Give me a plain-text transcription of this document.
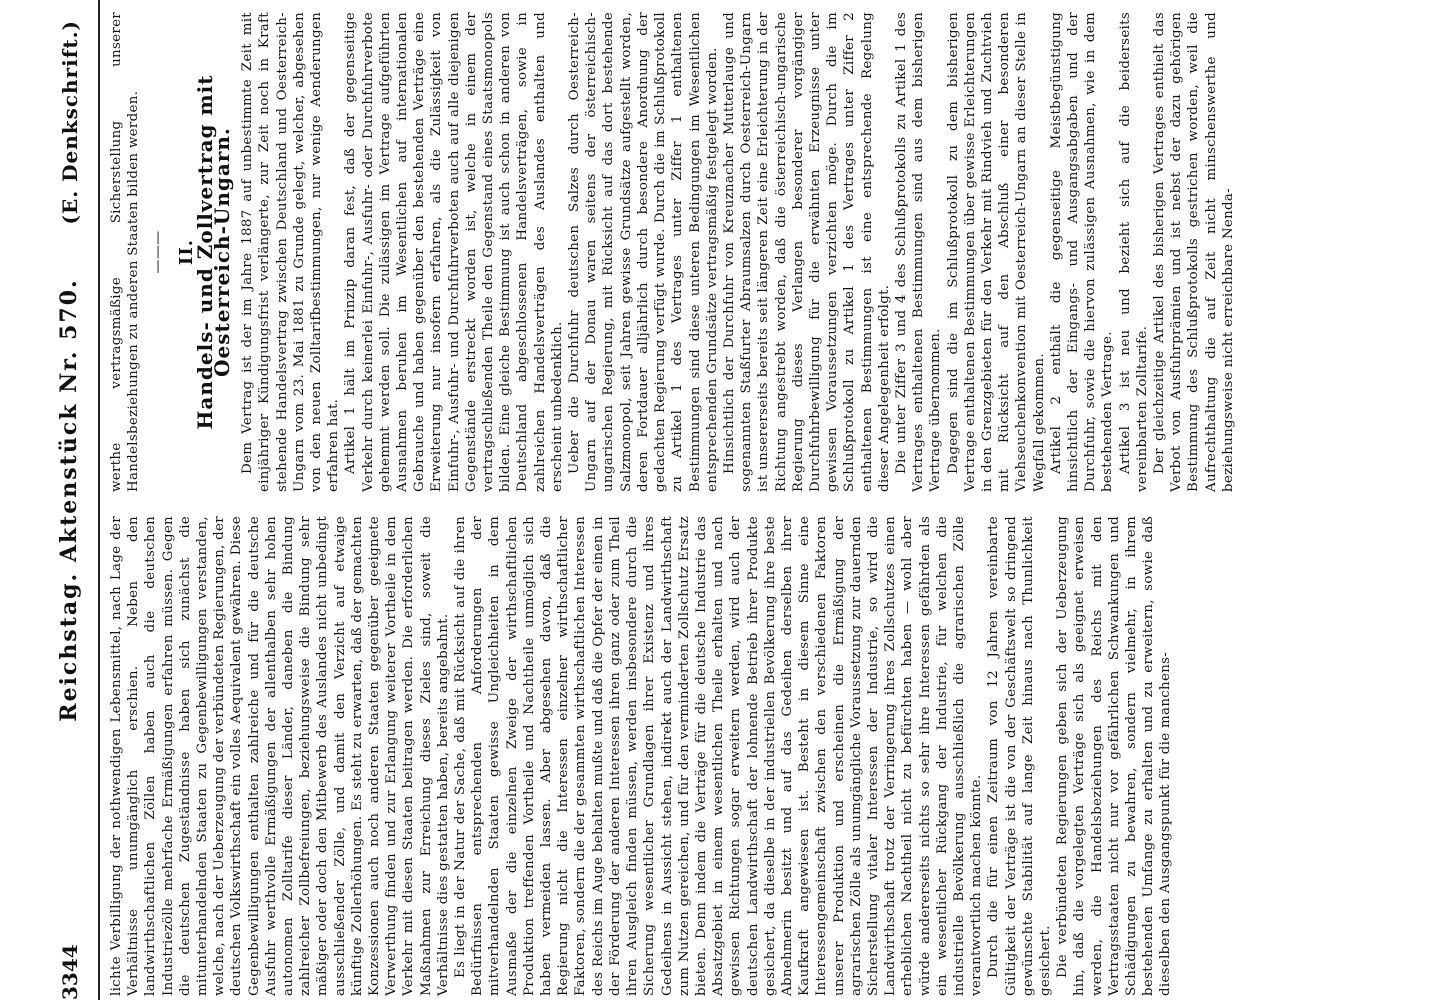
3344
Reichstag. Aktenstück Nr. 570.
(E. Denkschrift.)

lichte Verbilligung der nothwendigen Lebensmittel, nach Lage der Verhältnisse unumgänglich erschien. Neben den landwirthschaftlichen Zöllen haben auch die deutschen Industriezölle mehrfache Ermäßigungen erfahren müssen. Gegen die deutschen Zugeständnisse haben sich zunächst die mitunterhandelnden Staaten zu Gegenbewilligungen verstanden, welche, nach der Ueberzeugung der verbündeten Regierungen, der deutschen Volkswirthschaft ein volles Aequivalent gewähren. Diese Gegenbewilligungen enthalten zahlreiche und für die deutsche Ausfuhr werthvolle Ermäßigungen der allenthalben sehr hohen autonomen Zolltarife dieser Länder, daneben die Bindung zahlreicher Zollbefreiungen, beziehungsweise die Bindung sehr mäßiger oder doch den Mitbewerb des Auslandes nicht unbedingt ausschließender Zölle, und damit den Verzicht auf etwaige künftige Zollerhöhungen. Es steht zu erwarten, daß der gemachten Konzessionen auch noch anderen Staaten gegenüber geeignete Verwerthung finden und zur Erlangung weiterer Vortheile in dem Verkehr mit diesen Staaten beitragen werden. Die erforderlichen Maßnahmen zur Erreichung dieses Zieles sind, soweit die Verhältnisse dies gestatten haben, bereits angebahnt. Es liegt in der Natur der Sache, daß mit Rücksicht auf die ihren Bedürfnissen entsprechenden Anforderungen der mitverhandelnden Staaten gewisse Ungleichheiten in dem Ausmaße der die einzelnen Zweige der wirthschaftlichen Produktion treffenden Vortheile und Nachtheile unmöglich sich haben vermeiden lassen. Aber abgesehen davon, daß die Regierung nicht die Interessen einzelner wirthschaftlicher Faktoren, sondern die der gesammten wirthschaftlichen Interessen des Reichs im Auge behalten mußte und daß die Opfer der einen in der Förderung der anderen Interessen ihren ganz oder zum Theil ihren Ausgleich finden müssen, werden insbesondere durch die Sicherung wesentlicher Grundlagen ihrer Existenz und ihres Gedeihens in Aussicht stehen, indirekt auch der Landwirthschaft zum Nutzen gereichen, und für den verminderten Zollschutz Ersatz bieten. Denn indem die Verträge für die deutsche Industrie das Absatzgebiet in einem wesentlichen Theile erhalten und nach gewissen Richtungen sogar erweitern werden, wird auch der deutschen Landwirthschaft der lohnende Betrieb ihrer Produkte gesichert, da dieselbe in der industriellen Bevölkerung ihre beste Abnehmerin besitzt und auf das Gedeihen derselben ihrer Kaufkraft angewiesen ist. Besteht in diesem Sinne eine Interessengemeinschaft zwischen den verschiedenen Faktoren unserer Produktion und erscheinen die Ermäßigung der agrarischen Zölle als unumgängliche Voraussetzung zur dauernden Sicherstellung vitaler Interessen der Industrie, so wird die Landwirthschaft trotz der Verringerung ihres Zollschutzes einen erheblichen Nachtheil nicht zu befürchten haben — wohl aber würde andererseits nichts so sehr ihre Interessen gefährden als ein wesentlicher Rückgang der Industrie, für welchen die industrielle Bevölkerung ausschließlich die agrarischen Zölle verantwortlich machen könnte. Durch die für einen Zeitraum von 12 Jahren vereinbarte Gültigkeit der Verträge ist die von der Geschäftswelt so dringend gewünschte Stabilität auf lange Zeit hinaus nach Thunlichkeit gesichert. Die verbündeten Regierungen geben sich der Ueberzeugung hin, daß die vorgelegten Verträge sich als geeignet erweisen werden, die Handelsbeziehungen des Reichs mit den Vertragsstaaten nicht nur vor gefährlichen Schwankungen und Schädigungen zu bewahren, sondern vielmehr, in ihrem bestehenden Umfange zu erhalten und zu erweitern, sowie daß dieselben den Ausgangspunkt für die manchens-

werthe vertragsmäßige Sicherstellung unserer Handelsbeziehungen zu anderen Staaten bilden werden. ——— II.
Handels- und Zollvertrag mit Oesterreich-Ungarn. Dem Vertrag ist der im Jahre 1887 auf unbestimmte Zeit mit einjähriger Kündigungsfrist verlängerte, zur Zeit noch in Kraft stehende Handelsvertrag zwischen Deutschland und Oesterreich-Ungarn vom 23. Mai 1881 zu Grunde gelegt, welcher, abgesehen von den neuen Zolltarifbestimmungen, nur wenige Aenderungen erfahren hat. Artikel 1 hält im Prinzip daran fest, daß der gegenseitige Verkehr durch keinerlei Einfuhr-, Ausfuhr- oder Durchfuhrverbote gehemmt werden soll. Die zulässigen im Vertrage aufgeführten Ausnahmen beruhen im Wesentlichen auf internationalen Gebrauche und haben gegenüber den bestehenden Verträge eine Erweiterung nur insofern erfahren, als die Zulässigkeit von Einfuhr-, Ausfuhr- und Durchfuhrverboten auch auf alle diejenigen Gegenstände erstreckt worden ist, welche in einem der vertragschließenden Theile den Gegenstand eines Staatsmonopols bilden. Eine gleiche Bestimmung ist auch schon in anderen von Deutschland abgeschlossenen Handelsverträgen, sowie in zahlreichen Handelsverträgen des Auslandes enthalten und erscheint unbedenklich. Ueber die Durchfuhr deutschen Salzes durch Oesterreich-Ungarn auf der Donau waren seitens der österreichisch-ungarischen Regierung, mit Rücksicht auf das dort bestehende Salzmonopol, seit Jahren gewisse Grundsätze aufgestellt worden, deren Fortdauer alljährlich durch besondere Anordnung der gedachten Regierung verfügt wurde. Durch die im Schlußprotokoll zu Artikel 1 des Vertrages unter Ziffer 1 enthaltenen Bestimmungen sind diese unteren Bedingungen im Wesentlichen entsprechenden Grundsätze vertragsmäßig festgelegt worden. Hinsichtlich der Durchfuhr von Kreuznacher Mutterlauge und sogenannten Staßfurter Abraumsalzen durch Oesterreich-Ungarn ist unsererseits bereits seit längeren Zeit eine Erleichterung in der Richtung angestrebt worden, daß die österreichisch-ungarische Regierung dieses Verlangen besonderer vorgängiger Durchfuhrbewilligung für die erwähnten Erzeugnisse unter gewissen Voraussetzungen verzichten möge. Durch die im Schlußprotokoll zu Artikel 1 des Vertrages unter Ziffer 2 enthaltenen Bestimmungen ist eine entsprechende Regelung dieser Angelegenheit erfolgt. Die unter Ziffer 3 und 4 des Schlußprotokolls zu Artikel 1 des Vertrages enthaltenen Bestimmungen sind aus dem bisherigen Vertrage übernommen. Dagegen sind die im Schlußprotokoll zu dem bisherigen Vertrage enthaltenen Bestimmungen über gewisse Erleichterungen in den Grenzgebieten für den Verkehr mit Rindvieh und Zuchtvieh mit Rücksicht auf den Abschluß einer besonderen Viehseuchenkonvention mit Oesterreich-Ungarn an dieser Stelle in Wegfall gekommen. Artikel 2 enthält die gegenseitige Meistbegünstigung hinsichtlich der Eingangs- und Ausgangsabgaben und der Durchfuhr, sowie die hiervon zulässigen Ausnahmen, wie in dem bestehenden Vertrage. Artikel 3 ist neu und bezieht sich auf die beiderseits vereinbarten Zolltarife. Der gleichzeitige Artikel des bisherigen Vertrages enthielt das Verbot von Ausfuhrprämien und ist nebst der dazu gehörigen Bestimmung des Schlußprotokolls gestrichen worden, weil die Aufrechthaltung die auf Zeit nicht minschenswerthe und beziehungsweise nicht erreichbare Nenda-
